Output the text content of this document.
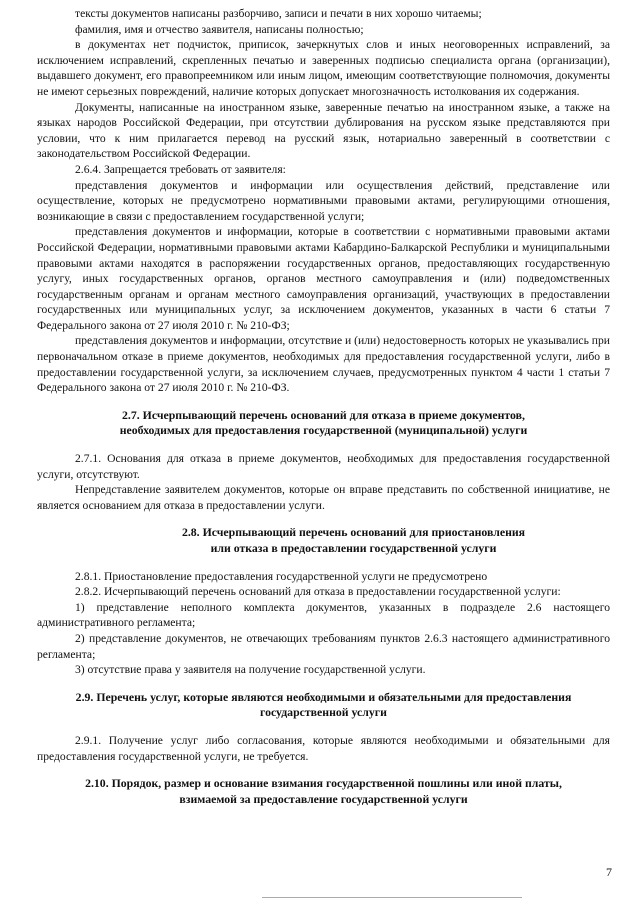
тексты документов написаны разборчиво, записи и печати в них хорошо читаемы;

фамилия, имя и отчество заявителя, написаны полностью;

в документах нет подчисток, приписок, зачеркнутых слов и иных неоговоренных исправлений, за исключением исправлений, скрепленных печатью и заверенных подписью специалиста органа (организации), выдавшего документ, его правопреемником или иным лицом, имеющим соответствующие полномочия, документы не имеют серьезных повреждений, наличие которых допускает многозначность истолкования их содержания.

Документы, написанные на иностранном языке, заверенные печатью на иностранном языке, а также на языках народов Российской Федерации, при отсутствии дублирования на русском языке представляются при условии, что к ним прилагается перевод на русский язык, нотариально заверенный в соответствии с законодательством Российской Федерации.

2.6.4. Запрещается требовать от заявителя:

представления документов и информации или осуществления действий, представление или осуществление, которых не предусмотрено нормативными правовыми актами, регулирующими отношения, возникающие в связи с предоставлением государственной услуги;

представления документов и информации, которые в соответствии с нормативными правовыми актами Российской Федерации, нормативными правовыми актами Кабардино-Балкарской Республики и муниципальными правовыми актами находятся в распоряжении государственных органов, предоставляющих государственную услугу, иных государственных органов, органов местного самоуправления и (или) подведомственных государственным органам и органам местного самоуправления организаций, участвующих в предоставлении государственных или муниципальных услуг, за исключением документов, указанных в части 6 статьи 7 Федерального закона от 27 июля 2010 г. № 210-ФЗ;

представления документов и информации, отсутствие и (или) недостоверность которых не указывались при первоначальном отказе в приеме документов, необходимых для предоставления государственной услуги, либо в предоставлении государственной услуги, за исключением случаев, предусмотренных пунктом 4 части 1 статьи 7 Федерального закона от 27 июля 2010 г. № 210-ФЗ.

2.7. Исчерпывающий перечень оснований для отказа в приеме документов,
необходимых для предоставления государственной (муниципальной) услуги

2.7.1. Основания для отказа в приеме документов, необходимых для предоставления государственной услуги, отсутствуют.

Непредставление заявителем документов, которые он вправе представить по собственной инициативе, не является основанием для отказа в предоставлении услуги.

2.8. Исчерпывающий перечень оснований для приостановления
или отказа в предоставлении государственной услуги

2.8.1. Приостановление предоставления государственной услуги не предусмотрено

2.8.2. Исчерпывающий перечень оснований для отказа в предоставлении государственной услуги:

1) представление неполного комплекта документов, указанных в подразделе 2.6 настоящего административного регламента;

2) представление документов, не отвечающих требованиям пунктов 2.6.3 настоящего административного регламента;

3) отсутствие права у заявителя на получение государственной услуги.

2.9. Перечень услуг, которые являются необходимыми и обязательными для предоставления
государственной услуги

2.9.1. Получение услуг либо согласования, которые являются необходимыми и обязательными для предоставления государственной услуги, не требуется.

2.10. Порядок, размер и основание взимания государственной пошлины или иной платы,
взимаемой за предоставление государственной услуги
7
